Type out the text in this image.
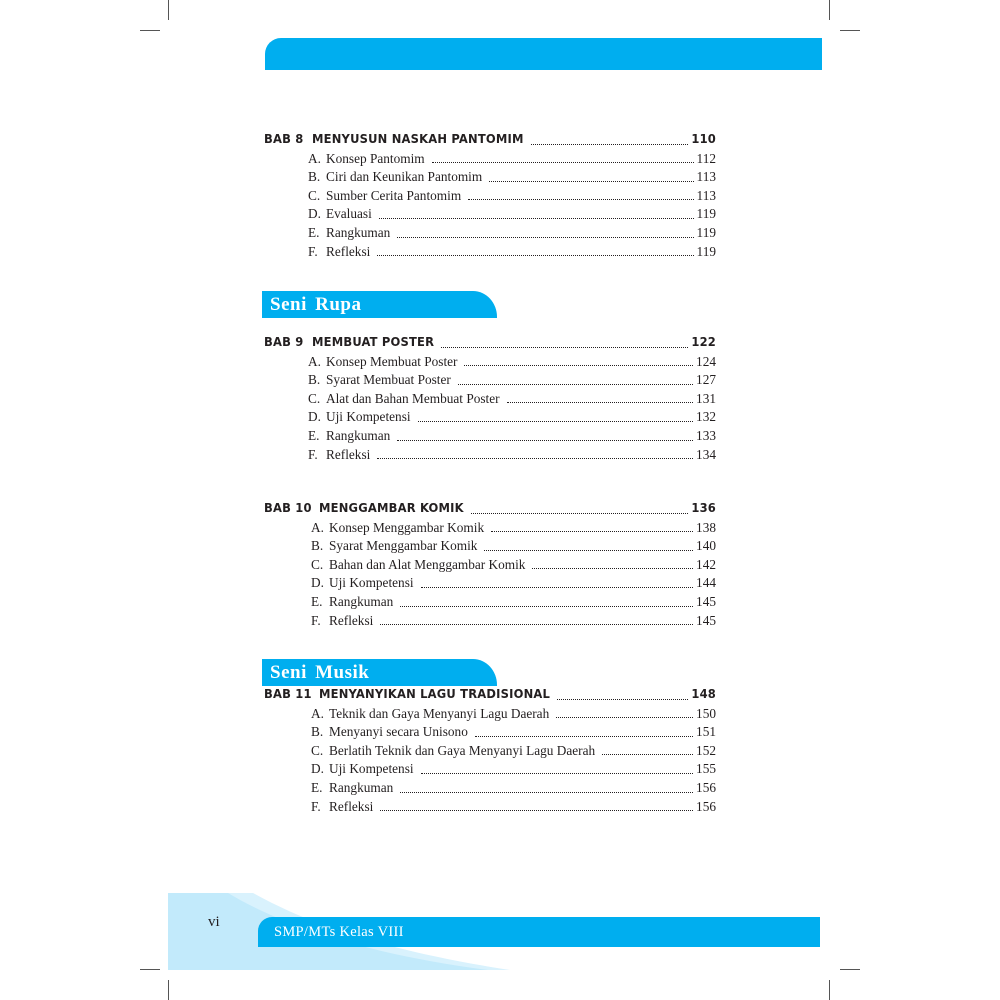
BAB 8 MENYUSUN NASKAH PANTOMIM	110
A. Konsep Pantomim	112
B. Ciri dan Keunikan Pantomim	113
C. Sumber Cerita Pantomim	113
D. Evaluasi	119
E. Rangkuman	119
F. Refleksi	119
Seni Rupa
BAB 9 MEMBUAT POSTER	122
A. Konsep Membuat Poster	124
B. Syarat Membuat Poster	127
C. Alat dan Bahan Membuat Poster	131
D. Uji Kompetensi	132
E. Rangkuman	133
F. Refleksi	134
BAB 10 MENGGAMBAR KOMIK	136
A. Konsep Menggambar Komik	138
B. Syarat Menggambar Komik	140
C. Bahan dan Alat Menggambar Komik	142
D. Uji Kompetensi	144
E. Rangkuman	145
F. Refleksi	145
Seni Musik
BAB 11 MENYANYIKAN LAGU TRADISIONAL	148
A. Teknik dan Gaya Menyanyi Lagu Daerah	150
B. Menyanyi secara Unisono	151
C. Berlatih Teknik dan Gaya Menyanyi Lagu Daerah	152
D. Uji Kompetensi	155
E. Rangkuman	156
F. Refleksi	156
vi
SMP/MTs Kelas VIII
